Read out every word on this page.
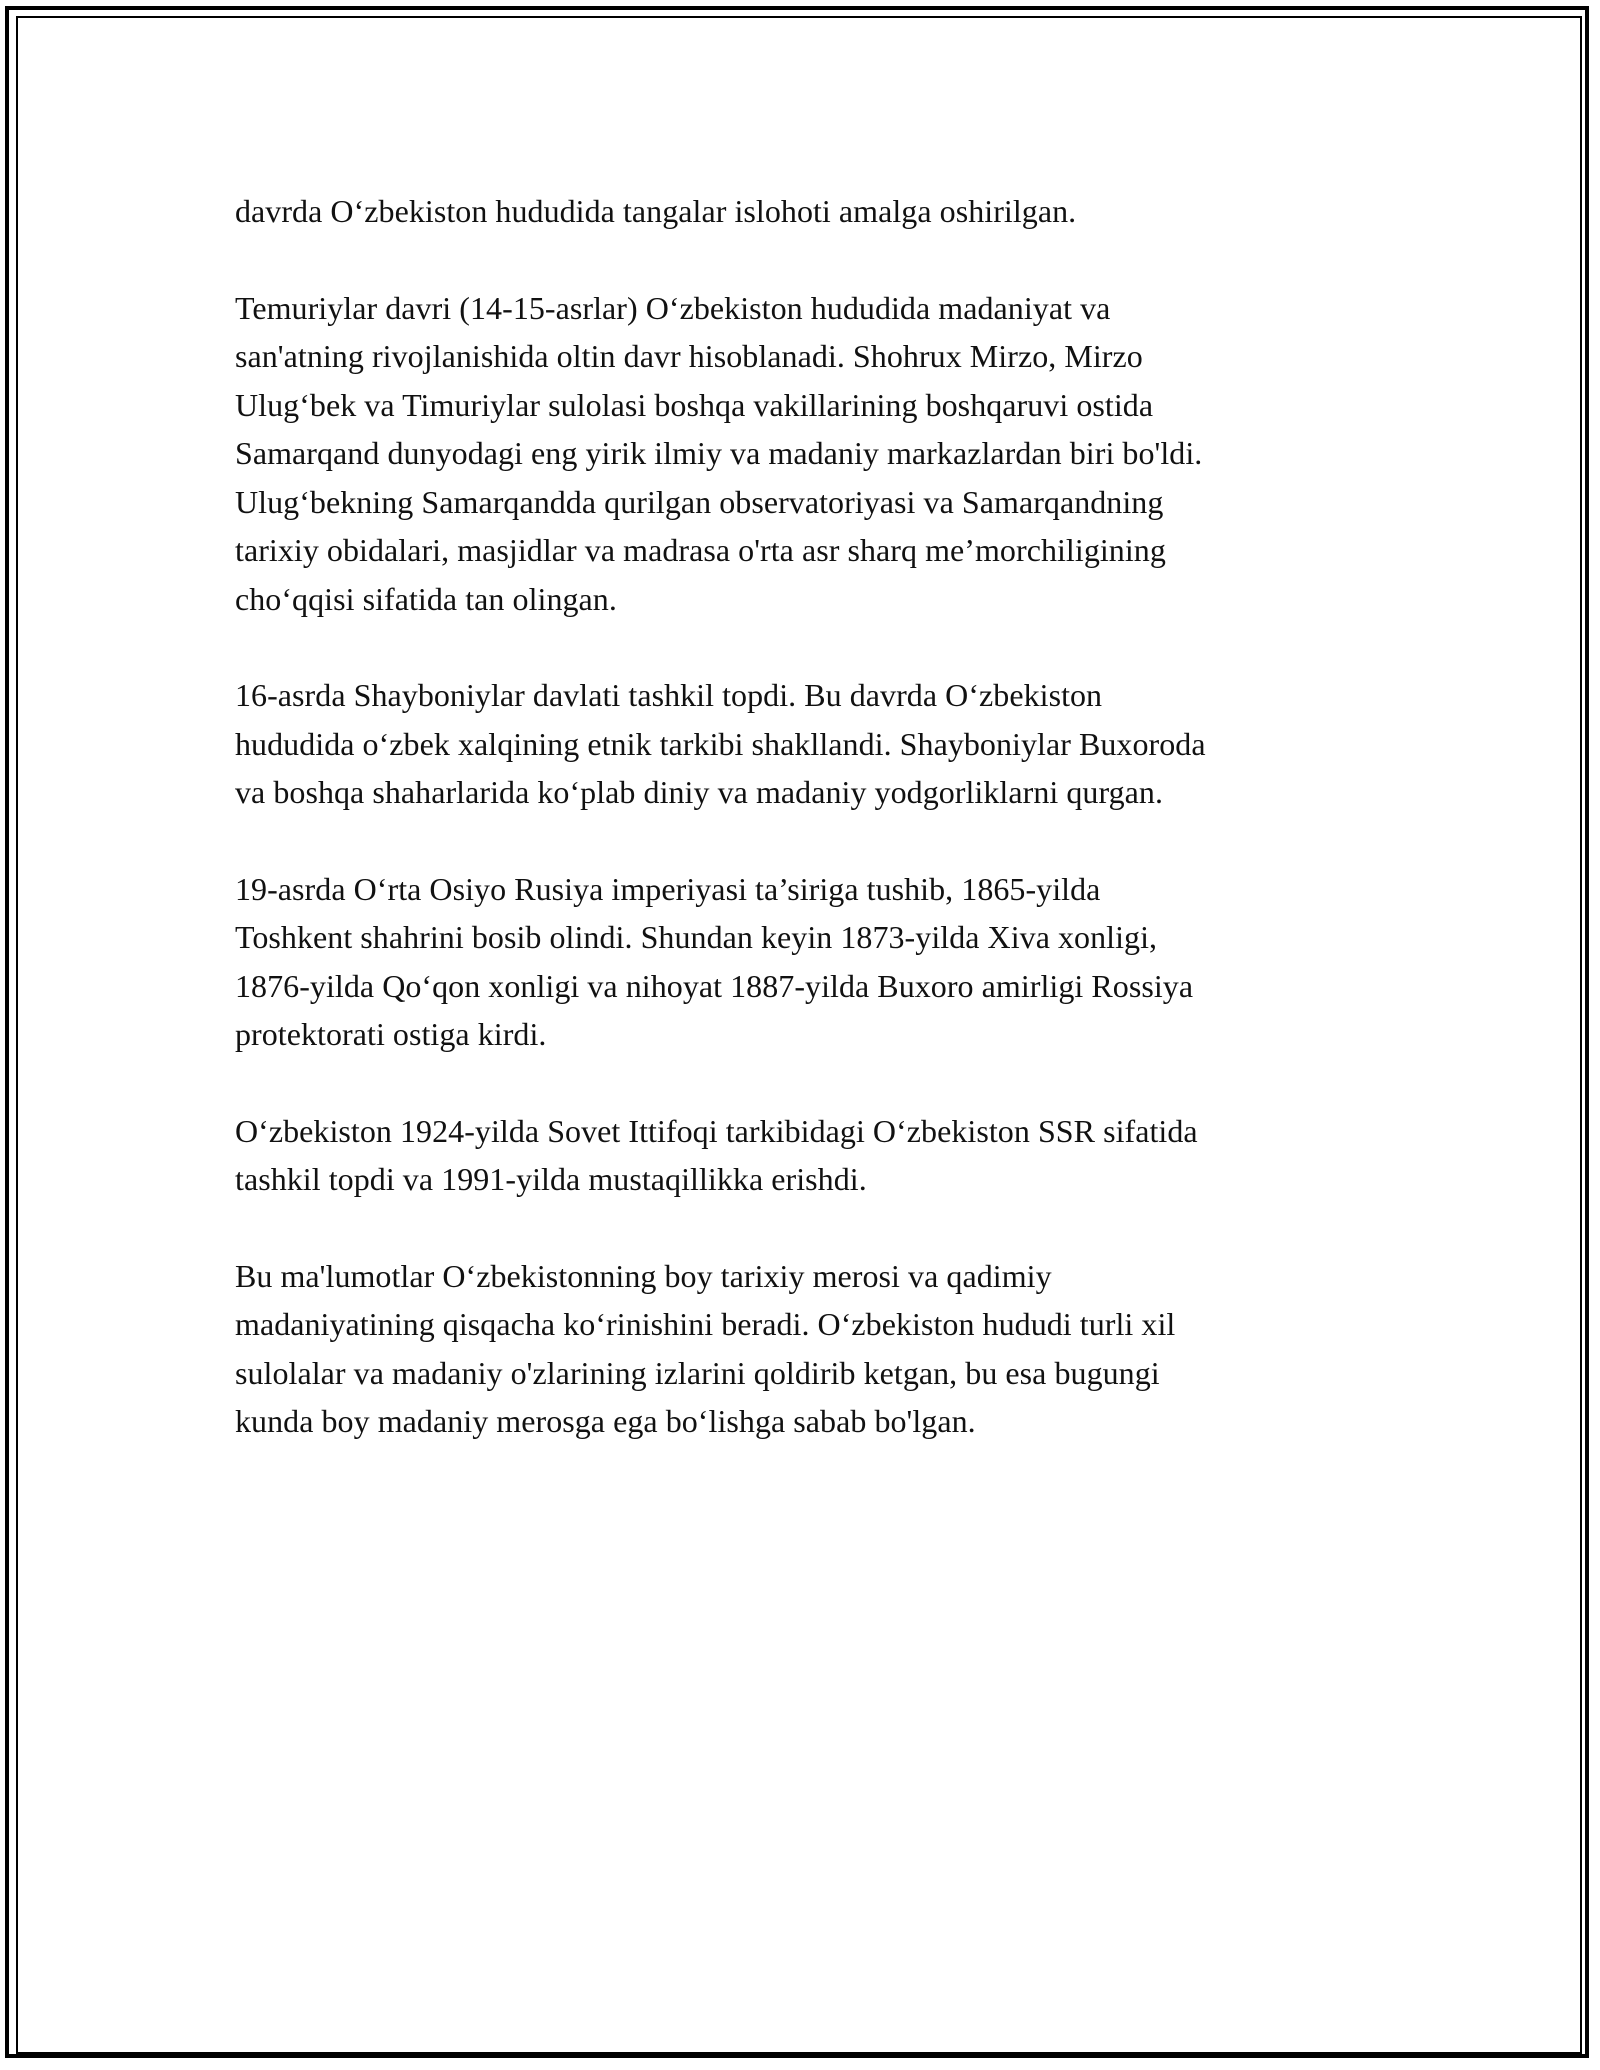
davrda O‘zbekiston hududida tangalar islohoti amalga oshirilgan.

Temuriylar davri (14-15-asrlar) O‘zbekiston hududida madaniyat va
san'atning rivojlanishida oltin davr hisoblanadi. Shohrux Mirzo, Mirzo
Ulug‘bek va Timuriylar sulolasi boshqa vakillarining boshqaruvi ostida
Samarqand dunyodagi eng yirik ilmiy va madaniy markazlardan biri bo'ldi.
Ulug‘bekning Samarqandda qurilgan observatoriyasi va Samarqandning
tarixiy obidalari, masjidlar va madrasa o'rta asr sharq me’morchiligining
cho‘qqisi sifatida tan olingan.

16-asrda Shayboniylar davlati tashkil topdi. Bu davrda O‘zbekiston
hududida o‘zbek xalqining etnik tarkibi shakllandi. Shayboniylar Buxoroda
va boshqa shaharlarida ko‘plab diniy va madaniy yodgorliklarni qurgan.

19-asrda O‘rta Osiyo Rusiya imperiyasi ta’siriga tushib, 1865-yilda
Toshkent shahrini bosib olindi. Shundan keyin 1873-yilda Xiva xonligi,
1876-yilda Qo‘qon xonligi va nihoyat 1887-yilda Buxoro amirligi Rossiya
protektorati ostiga kirdi.

O‘zbekiston 1924-yilda Sovet Ittifoqi tarkibidagi O‘zbekiston SSR sifatida
tashkil topdi va 1991-yilda mustaqillikka erishdi.

Bu ma'lumotlar O‘zbekistonning boy tarixiy merosi va qadimiy
madaniyatining qisqacha ko‘rinishini beradi. O‘zbekiston hududi turli xil
sulolalar va madaniy o'zlarining izlarini qoldirib ketgan, bu esa bugungi
kunda boy madaniy merosga ega bo‘lishga sabab bo'lgan.
